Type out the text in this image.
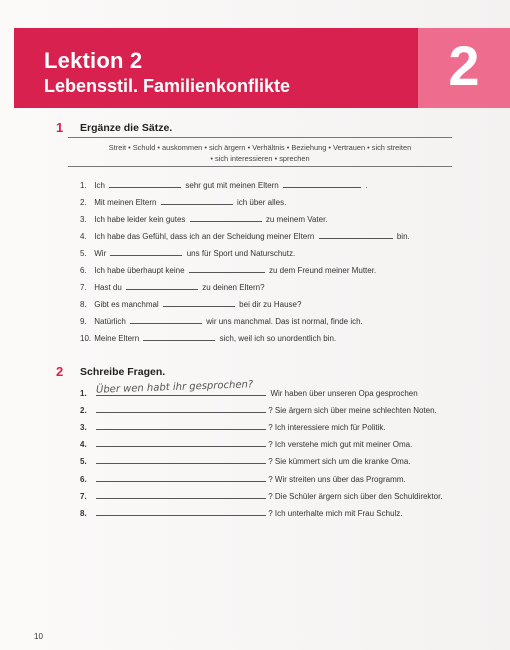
Lektion 2
Lebensstil. Familienkonflikte	2
1 Ergänze die Sätze.
Streit • Schuld • auskommen • sich ärgern • Verhältnis • Beziehung • Vertrauen • sich streiten
• sich interessieren • sprechen
1. Ich	sehr gut mit meinen Eltern	.
2. Mit meinen Eltern	ich über alles.
3. Ich habe leider kein gutes	zu meinem Vater.
4. Ich habe das Gefühl, dass ich an der Scheidung meiner Eltern	bin.
5. Wir	uns für Sport und Naturschutz.
6. Ich habe überhaupt keine	zu dem Freund meiner Mutter.
7. Hast du	zu deinen Eltern?
8. Gibt es manchmal	bei dir zu Hause?
9. Natürlich	wir uns manchmal. Das ist normal, finde ich.
10. Meine Eltern	sich, weil ich so unordentlich bin.
2 Schreibe Fragen.
Über wen habt ihr gesprochen?
1.	Wir haben über unseren Opa gesprochen
2.	? Sie ärgern sich über meine schlechten Noten.
3.	? Ich interessiere mich für Politik.
4.	? Ich verstehe mich gut mit meiner Oma.
5.	? Sie kümmert sich um die kranke Oma.
6.	? Wir streiten uns über das Programm.
7.	? Die Schüler ärgern sich über den Schuldirektor.
8.	? Ich unterhalte mich mit Frau Schulz.
10
